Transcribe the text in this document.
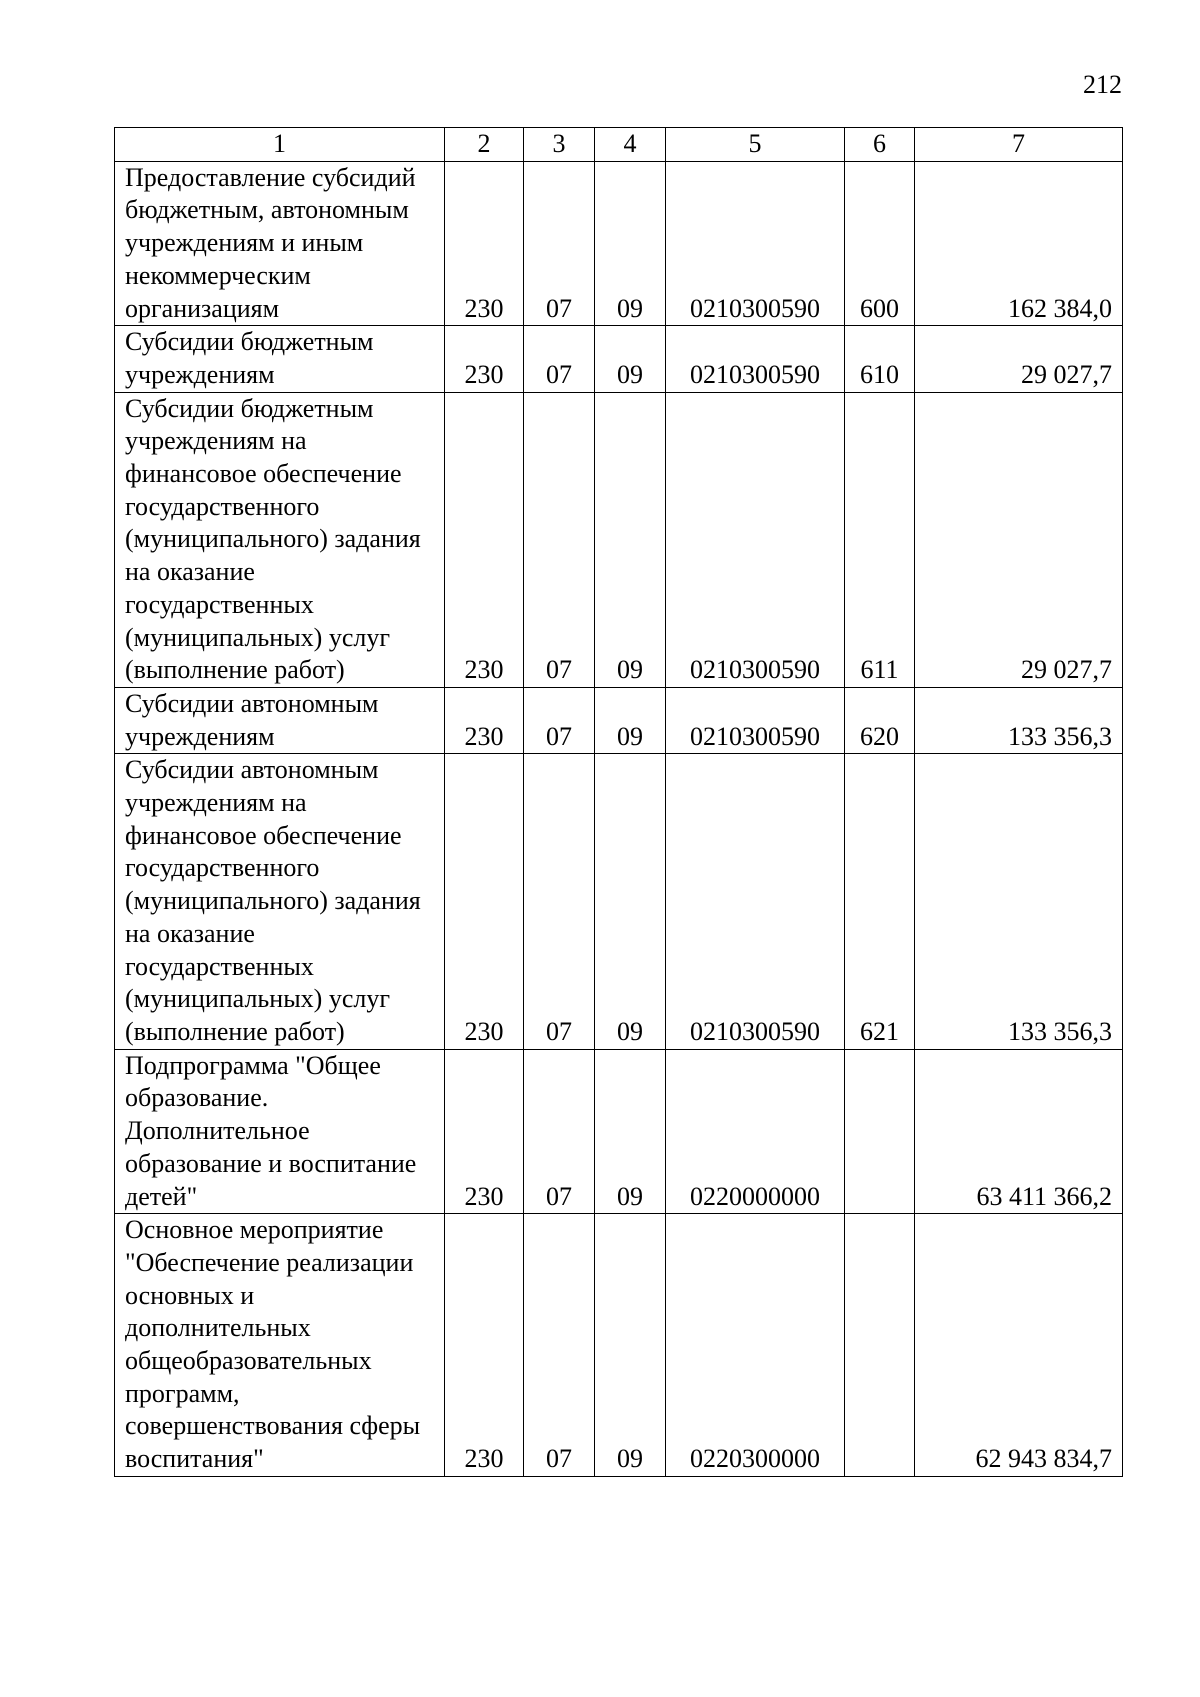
212
1	2	3	4	5	6	7
Предоставление субсидий бюджетным, автономным учреждениям и иным некоммерческим организациям	230	07	09	0210300590	600	162 384,0
Субсидии бюджетным учреждениям	230	07	09	0210300590	610	29 027,7
Субсидии бюджетным учреждениям на финансовое обеспечение государственного (муниципального) задания на оказание государственных (муниципальных) услуг (выполнение работ)	230	07	09	0210300590	611	29 027,7
Субсидии автономным учреждениям	230	07	09	0210300590	620	133 356,3
Субсидии автономным учреждениям на финансовое обеспечение государственного (муниципального) задания на оказание государственных (муниципальных) услуг (выполнение работ)	230	07	09	0210300590	621	133 356,3
Подпрограмма "Общее образование. Дополнительное образование и воспитание детей"	230	07	09	0220000000		63 411 366,2
Основное мероприятие "Обеспечение реализации основных и дополнительных общеобразовательных программ, совершенствования сферы воспитания"	230	07	09	0220300000		62 943 834,7
